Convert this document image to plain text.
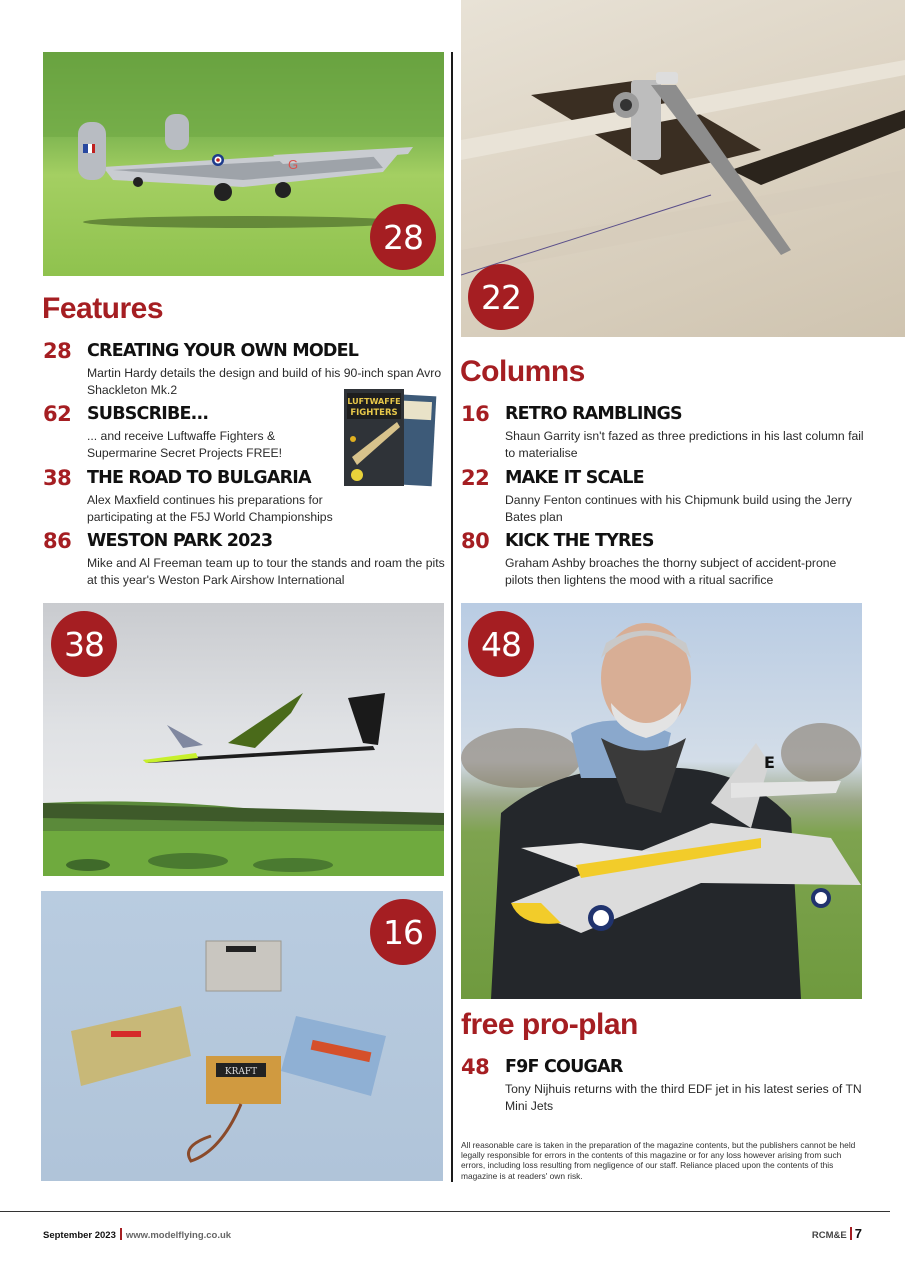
G
28
22
Features
28 CREATING YOUR OWN MODEL
Martin Hardy details the design and build of his 90-inch span Avro Shackleton Mk.2
62 SUBSCRIBE...
... and receive Luftwaffe Fighters & Supermarine Secret Projects FREE!
LUFTWAFFE
FIGHTERS
38 THE ROAD TO BULGARIA
Alex Maxfield continues his preparations for participating at the F5J World Championships
86 WESTON PARK 2023
Mike and Al Freeman team up to tour the stands and roam the pits at this year's Weston Park Airshow International
Columns
16 RETRO RAMBLINGS
Shaun Garrity isn't fazed as three predictions in his last column fail to materialise
22 MAKE IT SCALE
Danny Fenton continues with his Chipmunk build using the Jerry Bates plan
80 KICK THE TYRES
Graham Ashby broaches the thorny subject of accident-prone pilots then lightens the mood with a ritual sacrifice
38
KRAFT
16
E
48
free pro-plan
48 F9F COUGAR
Tony Nijhuis returns with the third EDF jet in his latest series of TN Mini Jets
All reasonable care is taken in the preparation of the magazine contents, but the publishers cannot be held legally responsible for errors in the contents of this magazine or for any loss however arising from such errors, including loss resulting from negligence of our staff. Reliance placed upon the contents of this magazine is at readers' own risk.
September 2023 www.modelflying.co.uk	RCM&E 7
